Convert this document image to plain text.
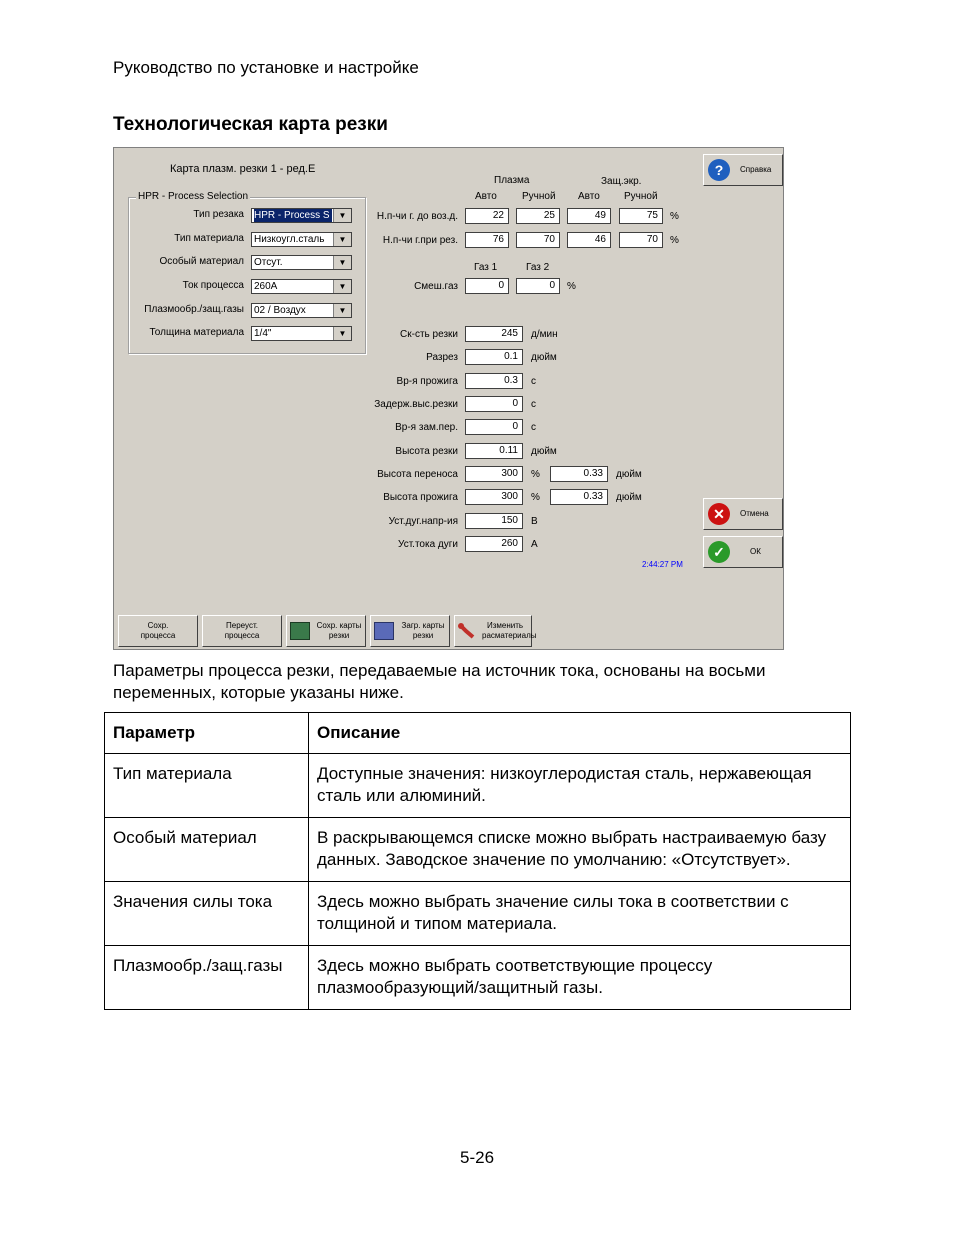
Руководство по установке и настройке
Технологическая карта резки
Карта плазм. резки 1 - ред.E
HPR - Process Selection
Тип резака	HPR - Process S	▼
Тип материала	Низкоугл.сталь	▼
Особый материал	Отсут.	▼
Ток процесса	260A	▼
Плазмообр./защ.газы	02 / Воздух	▼
Толщина материала	1/4"	▼
Плазма	Защ.экр.
Авто	Ручной Авто Ручной
Н.п-чи г. до воз.д.	22	25	49	75	%
Н.п-чи г.при рез.	76	70	46	70	%
Газ 1	Газ 2
Смеш.газ	0	0	%
Ск-сть резки	245	д/мин
Разрез	0.1	дюйм
Вр-я прожига	0.3	с
Задерж.выс.резки	0	с
Вр-я зам.пер.	0	с
Высота резки	0.11	дюйм
Высота переноса	300	%	0.33	дюйм
Высота прожига	300	%	0.33	дюйм
Уст.дуг.напр-ия	150	В
Уст.тока дуги	260	А
?	Справка
✕	Отмена
✓	ОК
2:44:27 PM
Сохр. процесса
Переуст. процесса
Сохр. карты резки
Загр. карты резки
Изменить расматериалы
Параметры процесса резки, передаваемые на источник тока, основаны на восьми переменных, которые указаны ниже.
Параметр	Описание
Тип материала	Доступные значения: низкоуглеродистая сталь, нержавеющая сталь или алюминий.
Особый материал	В раскрывающемся списке можно выбрать настраиваемую базу данных. Заводское значение по умолчанию: «Отсутствует».
Значения силы тока	Здесь можно выбрать значение силы тока в соответствии с толщиной и типом материала.
Плазмообр./защ.газы	Здесь можно выбрать соответствующие процессу плазмообразующий/защитный газы.
5-26
